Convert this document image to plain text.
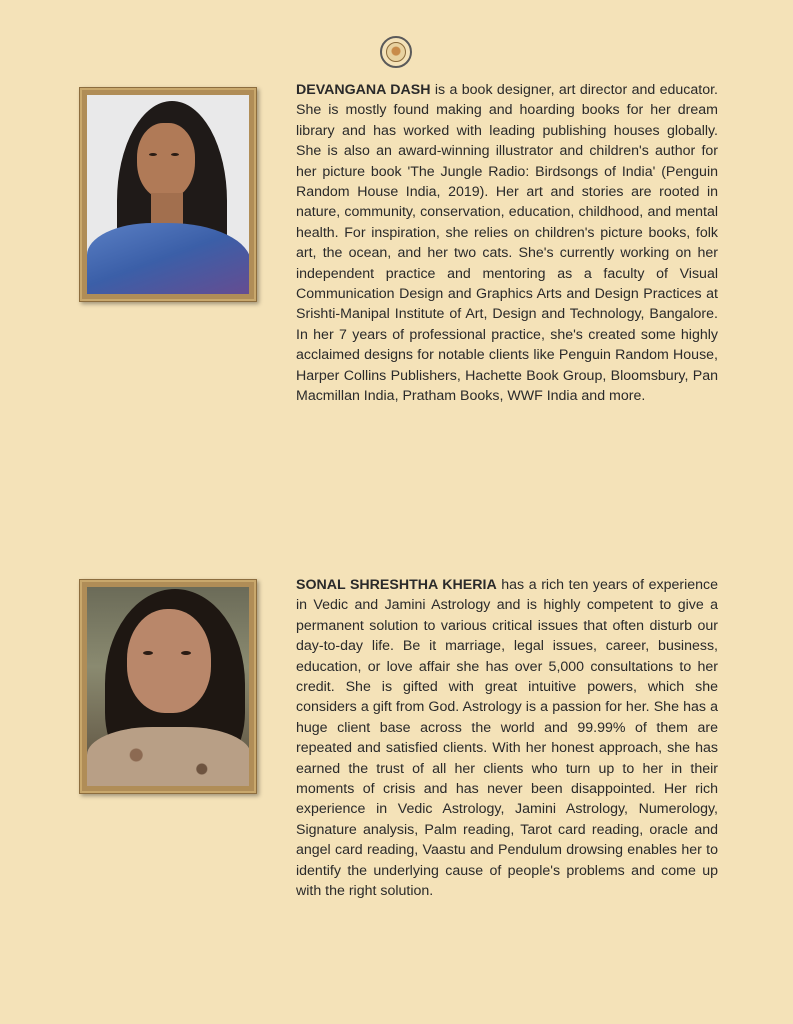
DEVANGANA DASH is a book designer, art director and educator. She is mostly found making and hoarding books for her dream library and has worked with leading publishing houses globally. She is also an award-winning illustrator and children's author for her picture book 'The Jungle Radio: Birdsongs of India' (Penguin Random House India, 2019). Her art and stories are rooted in nature, community, conservation, education, childhood, and mental health. For inspiration, she relies on children's picture books, folk art, the ocean, and her two cats. She's currently working on her independent practice and mentoring as a faculty of Visual Communication Design and Graphics Arts and Design Practices at Srishti-Manipal Institute of Art, Design and Technology, Bangalore. In her 7 years of professional practice, she's created some highly acclaimed designs for notable clients like Penguin Random House, Harper Collins Publishers, Hachette Book Group, Bloomsbury, Pan Macmillan India, Pratham Books, WWF India and more.

SONAL SHRESHTHA KHERIA has a rich ten years of experience in Vedic and Jamini Astrology and is highly competent to give a permanent solution to various critical issues that often disturb our day-to-day life. Be it marriage, legal issues, career, business, education, or love affair she has over 5,000 consultations to her credit. She is gifted with great intuitive powers, which she considers a gift from God. Astrology is a passion for her. She has a huge client base across the world and 99.99% of them are repeated and satisfied clients. With her honest approach, she has earned the trust of all her clients who turn up to her in their moments of crisis and has never been disappointed. Her rich experience in Vedic Astrology, Jamini Astrology, Numerology, Signature analysis, Palm reading, Tarot card reading, oracle and angel card reading, Vaastu and Pendulum drowsing enables her to identify the underlying cause of people's problems and come up with the right solution.
